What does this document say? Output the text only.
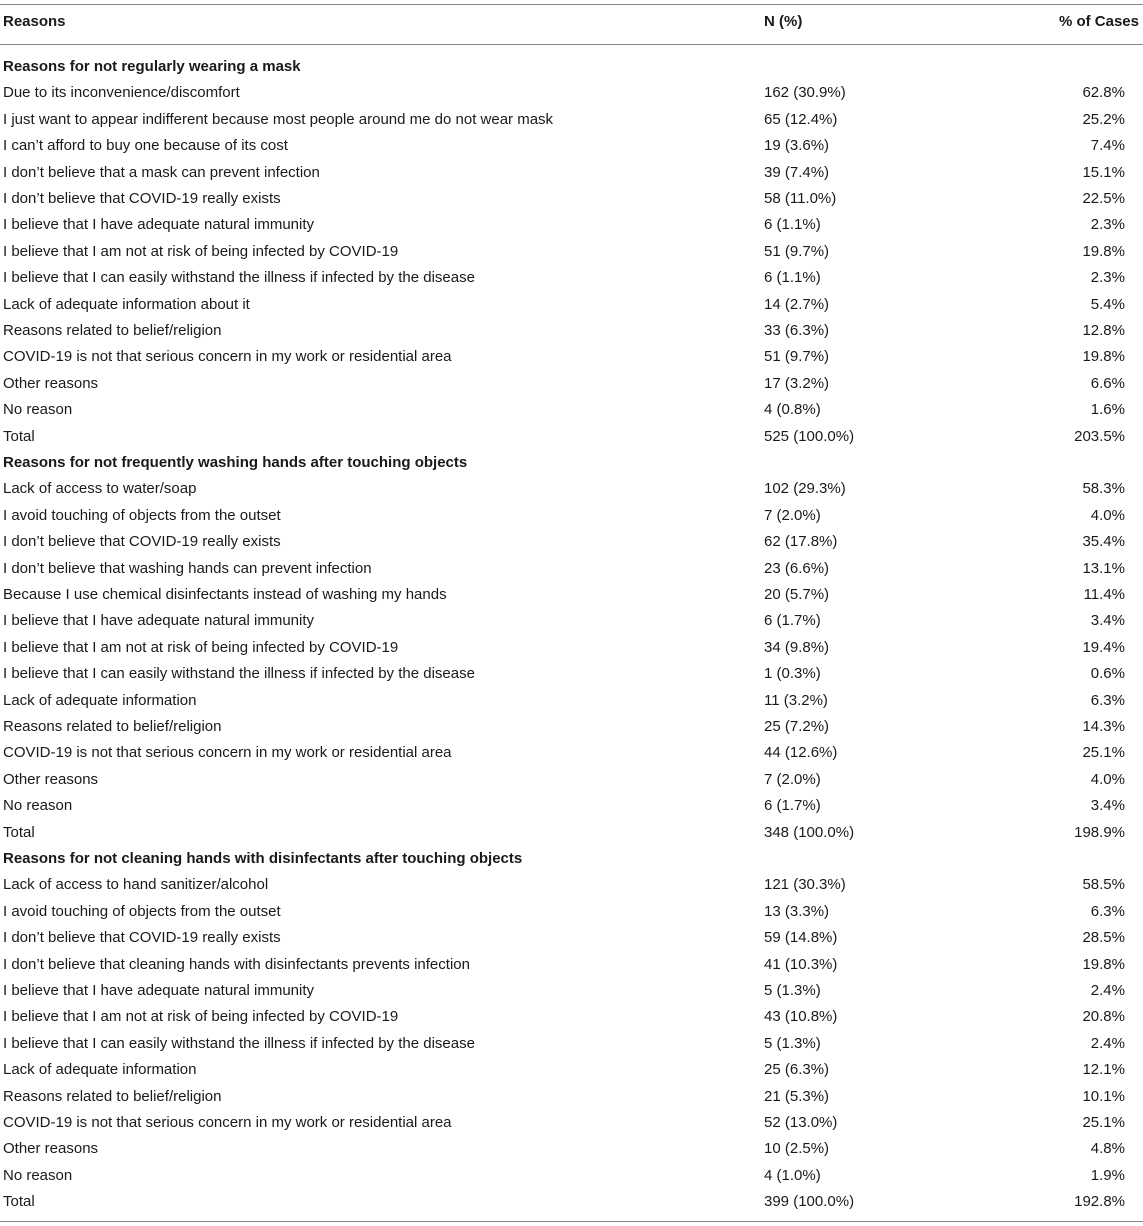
Reasons	N (%)	% of Cases
Reasons for not regularly wearing a mask
Due to its inconvenience/discomfort	162 (30.9%)	62.8%
I just want to appear indifferent because most people around me do not wear mask	65 (12.4%)	25.2%
I can’t afford to buy one because of its cost	19 (3.6%)	7.4%
I don’t believe that a mask can prevent infection	39 (7.4%)	15.1%
I don’t believe that COVID-19 really exists	58 (11.0%)	22.5%
I believe that I have adequate natural immunity	6 (1.1%)	2.3%
I believe that I am not at risk of being infected by COVID-19	51 (9.7%)	19.8%
I believe that I can easily withstand the illness if infected by the disease	6 (1.1%)	2.3%
Lack of adequate information about it	14 (2.7%)	5.4%
Reasons related to belief/religion	33 (6.3%)	12.8%
COVID-19 is not that serious concern in my work or residential area	51 (9.7%)	19.8%
Other reasons	17 (3.2%)	6.6%
No reason	4 (0.8%)	1.6%
Total	525 (100.0%)	203.5%
Reasons for not frequently washing hands after touching objects
Lack of access to water/soap	102 (29.3%)	58.3%
I avoid touching of objects from the outset	7 (2.0%)	4.0%
I don’t believe that COVID-19 really exists	62 (17.8%)	35.4%
I don’t believe that washing hands can prevent infection	23 (6.6%)	13.1%
Because I use chemical disinfectants instead of washing my hands	20 (5.7%)	11.4%
I believe that I have adequate natural immunity	6 (1.7%)	3.4%
I believe that I am not at risk of being infected by COVID-19	34 (9.8%)	19.4%
I believe that I can easily withstand the illness if infected by the disease	1 (0.3%)	0.6%
Lack of adequate information	11 (3.2%)	6.3%
Reasons related to belief/religion	25 (7.2%)	14.3%
COVID-19 is not that serious concern in my work or residential area	44 (12.6%)	25.1%
Other reasons	7 (2.0%)	4.0%
No reason	6 (1.7%)	3.4%
Total	348 (100.0%)	198.9%
Reasons for not cleaning hands with disinfectants after touching objects
Lack of access to hand sanitizer/alcohol	121 (30.3%)	58.5%
I avoid touching of objects from the outset	13 (3.3%)	6.3%
I don’t believe that COVID-19 really exists	59 (14.8%)	28.5%
I don’t believe that cleaning hands with disinfectants prevents infection	41 (10.3%)	19.8%
I believe that I have adequate natural immunity	5 (1.3%)	2.4%
I believe that I am not at risk of being infected by COVID-19	43 (10.8%)	20.8%
I believe that I can easily withstand the illness if infected by the disease	5 (1.3%)	2.4%
Lack of adequate information	25 (6.3%)	12.1%
Reasons related to belief/religion	21 (5.3%)	10.1%
COVID-19 is not that serious concern in my work or residential area	52 (13.0%)	25.1%
Other reasons	10 (2.5%)	4.8%
No reason	4 (1.0%)	1.9%
Total	399 (100.0%)	192.8%
